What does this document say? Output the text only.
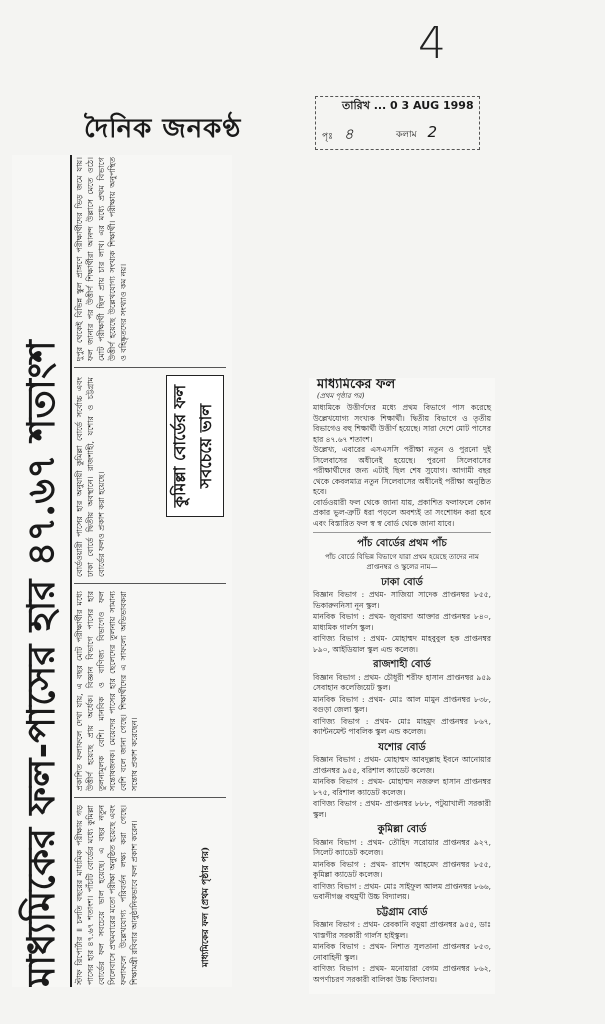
4
দৈনিক জনকণ্ঠ
তারিখ ... 0 3 AUG 1998
পৃঃ ৪	কলাম 2
মাধ্যমিকের ফল-পাসের হার ৪৭.৬৭ শতাংশ	স্টাফ রিপোর্টার ॥ চলতি বছরের মাধ্যমিক পরীক্ষায় গড় পাসের হার ৪৭.৬৭ শতাংশ। পাঁচটি বোর্ডের মধ্যে কুমিল্লা বোর্ডের ফল সবচেয়ে ভাল হয়েছে। এ বছর নতুন সিলেবাসে প্রথমবারের মতো পরীক্ষা অনুষ্ঠিত হয়েছে এবং ফলাফলে উল্লেখযোগ্য পরিবর্তন লক্ষ্য করা গেছে। শিক্ষামন্ত্রী রবিবার আনুষ্ঠানিকভাবে ফল প্রকাশ করেন।
প্রকাশিত ফলাফলে দেখা যায়, এ বছর মোট পরীক্ষার্থীর মধ্যে উত্তীর্ণ হয়েছে প্রায় অর্ধেক। বিজ্ঞান বিভাগে পাসের হার তুলনামূলক বেশি। মানবিক ও বাণিজ্য বিভাগেও ফল সন্তোষজনক। মেয়েদের পাসের হার ছেলেদের তুলনায় সামান্য বেশি বলে জানা গেছে। শিক্ষার্থীদের এ সাফল্যে অভিভাবকরা সন্তোষ প্রকাশ করেছেন।
বোর্ডওয়ারী পাসের হার অনুযায়ী কুমিল্লা বোর্ডে সর্বোচ্চ এবং ঢাকা বোর্ডে দ্বিতীয় অবস্থানে। রাজশাহী, যশোর ও চট্টগ্রাম বোর্ডের ফলও প্রকাশ করা হয়েছে।
দুপুর থেকেই বিভিন্ন স্কুল প্রাঙ্গণে পরীক্ষার্থীদের ভিড় জমে যায়। ফল জানার পর উত্তীর্ণ শিক্ষার্থীরা আনন্দ উল্লাসে মেতে ওঠে। মোট পরীক্ষার্থী ছিল প্রায় চার লাখ। এর মধ্যে প্রথম বিভাগে উত্তীর্ণ হয়েছে উল্লেখযোগ্য সংখ্যক শিক্ষার্থী। পরীক্ষায় অনুপস্থিত ও বহিষ্কৃতদের সংখ্যাও কম নয়।
কুমিল্লা বোর্ডের ফল সবচেয়ে ভাল
মাধ্যমিকের ফল (প্রথম পৃষ্ঠার পর)
মাধ্যমিকের ফল
(প্রথম পৃষ্ঠার পর)

মাধ্যমিকে উত্তীর্ণদের মধ্যে প্রথম বিভাগে পাস করেছে উল্লেখযোগ্য সংখ্যক শিক্ষার্থী। দ্বিতীয় বিভাগে ও তৃতীয় বিভাগেও বহু শিক্ষার্থী উত্তীর্ণ হয়েছে। সারা দেশে মোট পাসের হার ৪৭.৬৭ শতাংশ।

উল্লেখ্য, এবারের এসএসসি পরীক্ষা নতুন ও পুরনো দুই সিলেবাসের অধীনেই হয়েছে। পুরনো সিলেবাসের পরীক্ষার্থীদের জন্য এটাই ছিল শেষ সুযোগ। আগামী বছর থেকে কেবলমাত্র নতুন সিলেবাসের অধীনেই পরীক্ষা অনুষ্ঠিত হবে।

বোর্ডওয়ারী ফল থেকে জানা যায়, প্রকাশিত ফলাফলে কোন প্রকার ভুল-ত্রুটি ধরা পড়লে অবশ্যই তা সংশোধন করা হবে এবং বিস্তারিত ফল স্ব স্ব বোর্ড থেকে জানা যাবে।

পাঁচ বোর্ডের প্রথম পাঁচ
পাঁচ বোর্ডে বিভিন্ন বিভাগে যারা প্রথম হয়েছে তাদের নাম প্রাপ্তনম্বর ও স্কুলের নাম—
ঢাকা বোর্ড
বিজ্ঞান বিভাগ : প্রথম- সাজিয়া সাদেক প্রাপ্তনম্বর ৮৫৫, ভিকারুননিসা নূন স্কুল।
মানবিক বিভাগ : প্রথম- জুবায়দা আক্তার প্রাপ্তনম্বর ৮৪০, মাধ্যমিক গার্লস স্কুল।
বাণিজ্য বিভাগ : প্রথম- মোহাম্মদ মাহবুবুল হক প্রাপ্তনম্বর ৮৯০, আইডিয়াল স্কুল এন্ড কলেজ।
রাজশাহী বোর্ড
বিজ্ঞান বিভাগ : প্রথম- চৌধুরী শরীফ হাসান প্রাপ্তনম্বর ৯৫৯ সেবাহান কলেজিয়েট স্কুল।
মানবিক বিভাগ : প্রথম- মোঃ আল মামুন প্রাপ্তনম্বর ৮৩৮, বগুড়া জেলা স্কুল।
বাণিজ্য বিভাগ : প্রথম- মোঃ মাহমুদ প্রাপ্তনম্বর ৮৬৭, ক্যান্টনমেন্ট পাবলিক স্কুল এন্ড কলেজ।
যশোর বোর্ড
বিজ্ঞান বিভাগ : প্রথম- মোহাম্মদ আবদুল্লাহ ইবনে আনোয়ার প্রাপ্তনম্বর ৯৫৫, বরিশাল ক্যাডেট কলেজ।
মানবিক বিভাগ : প্রথম- মোহাম্মদ নজরুল হাসান প্রাপ্তনম্বর ৮৭৫, বরিশাল ক্যাডেট কলেজ।
বাণিজ্য বিভাগ : প্রথম- প্রাপ্তনম্বর ৮৮৮, পটুয়াখালী সরকারী স্কুল।
কুমিল্লা বোর্ড
বিজ্ঞান বিভাগ : প্রথম- তৌহিদ সরোয়ার প্রাপ্তনম্বর ৯২৭, সিলেট ক্যাডেট কলেজ।
মানবিক বিভাগ : প্রথম- রাশেদ আহমেদ প্রাপ্তনম্বর ৮৫৫, কুমিল্লা ক্যাডেট কলেজ।
বাণিজ্য বিভাগ : প্রথম- মোঃ সাইফুল আলম প্রাপ্তনম্বর ৮৬৬, ভবানীগঞ্জ বহুমুখী উচ্চ বিদ্যালয়।
চট্টগ্রাম বোর্ড
বিজ্ঞান বিভাগ : প্রথম- রেবকানি বড়ুয়া প্রাপ্তনম্বর ৯৫৫, ডাঃ খাস্তগীর সরকারী গার্লস হাইস্কুল।
মানবিক বিভাগ : প্রথম- নিশাত সুলতানা প্রাপ্তনম্বর ৮৫৩, নোবাহিনী স্কুল।
বাণিজ্য বিভাগ : প্রথম- মনোয়ারা বেগম প্রাপ্তনম্বর ৮৬২, অপর্ণাচরণ সরকারী বালিকা উচ্চ বিদ্যালয়।
